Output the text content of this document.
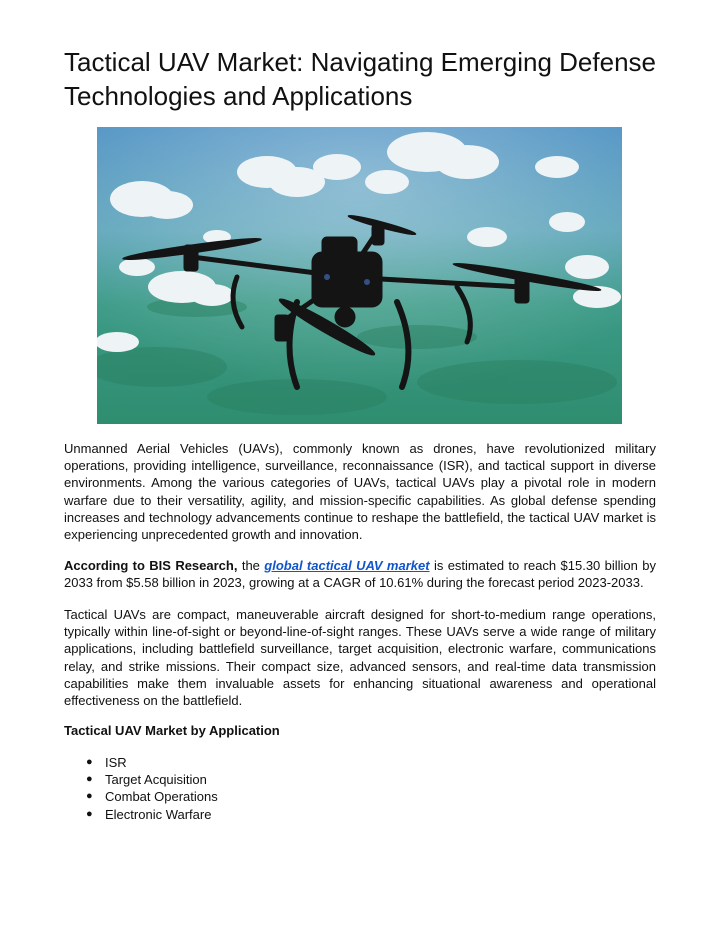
Tactical UAV Market: Navigating Emerging Defense Technologies and Applications

Unmanned Aerial Vehicles (UAVs), commonly known as drones, have revolutionized military operations, providing intelligence, surveillance, reconnaissance (ISR), and tactical support in diverse environments. Among the various categories of UAVs, tactical UAVs play a pivotal role in modern warfare due to their versatility, agility, and mission-specific capabilities. As global defense spending increases and technology advancements continue to reshape the battlefield, the tactical UAV market is experiencing unprecedented growth and innovation.

According to BIS Research, the global tactical UAV market is estimated to reach $15.30 billion by 2033 from $5.58 billion in 2023, growing at a CAGR of 10.61% during the forecast period 2023-2033.

Tactical UAVs are compact, maneuverable aircraft designed for short-to-medium range operations, typically within line-of-sight or beyond-line-of-sight ranges. These UAVs serve a wide range of military applications, including battlefield surveillance, target acquisition, electronic warfare, communications relay, and strike missions. Their compact size, advanced sensors, and real-time data transmission capabilities make them invaluable assets for enhancing situational awareness and operational effectiveness on the battlefield.

Tactical UAV Market by Application

● ISR
● Target Acquisition
● Combat Operations
● Electronic Warfare
